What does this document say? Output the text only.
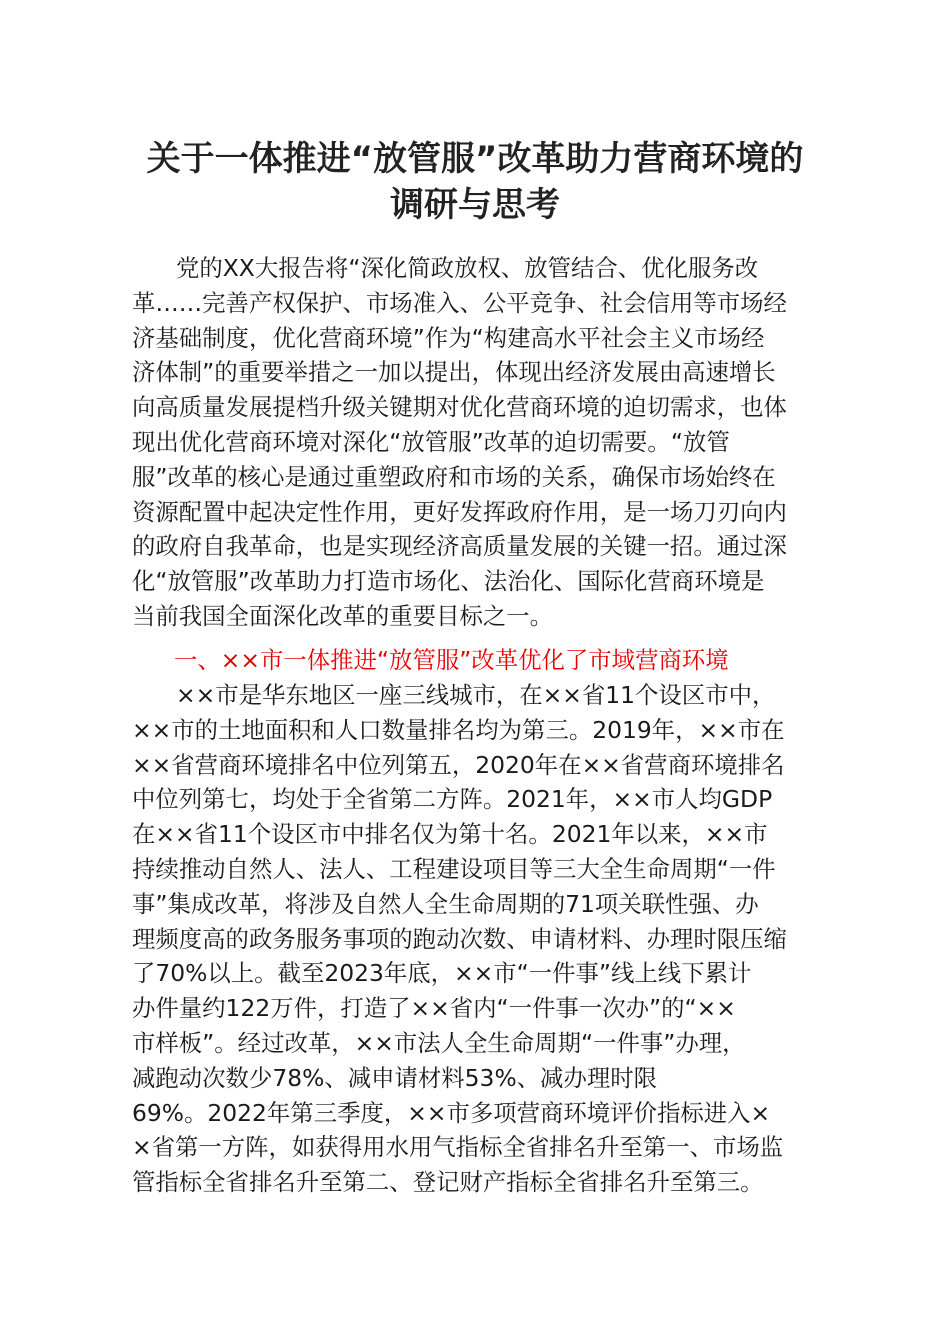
关于一体推进“放管服”改革助力营商环境的
调研与思考
党的XX大报告将“深化简政放权、放管结合、优化服务改
革……完善产权保护、市场准入、公平竞争、社会信用等市场经
济基础制度，优化营商环境”作为“构建高水平社会主义市场经
济体制”的重要举措之一加以提出，体现出经济发展由高速增长
向高质量发展提档升级关键期对优化营商环境的迫切需求，也体
现出优化营商环境对深化“放管服”改革的迫切需要。“放管
服”改革的核心是通过重塑政府和市场的关系，确保市场始终在
资源配置中起决定性作用，更好发挥政府作用，是一场刀刃向内
的政府自我革命，也是实现经济高质量发展的关键一招。通过深
化“放管服”改革助力打造市场化、法治化、国际化营商环境是
当前我国全面深化改革的重要目标之一。
一、××市一体推进“放管服”改革优化了市域营商环境
××市是华东地区一座三线城市，在××省11个设区市中，
××市的土地面积和人口数量排名均为第三。2019年，××市在
××省营商环境排名中位列第五，2020年在××省营商环境排名
中位列第七，均处于全省第二方阵。2021年，××市人均GDP
在××省11个设区市中排名仅为第十名。2021年以来，××市
持续推动自然人、法人、工程建设项目等三大全生命周期“一件
事”集成改革，将涉及自然人全生命周期的71项关联性强、办
理频度高的政务服务事项的跑动次数、申请材料、办理时限压缩
了70%以上。截至2023年底，××市“一件事”线上线下累计
办件量约122万件，打造了××省内“一件事一次办”的“××
市样板”。经过改革，××市法人全生命周期“一件事”办理，
减跑动次数少78%、减申请材料53%、减办理时限
69%。2022年第三季度，××市多项营商环境评价指标进入×
×省第一方阵，如获得用水用气指标全省排名升至第一、市场监
管指标全省排名升至第二、登记财产指标全省排名升至第三。
